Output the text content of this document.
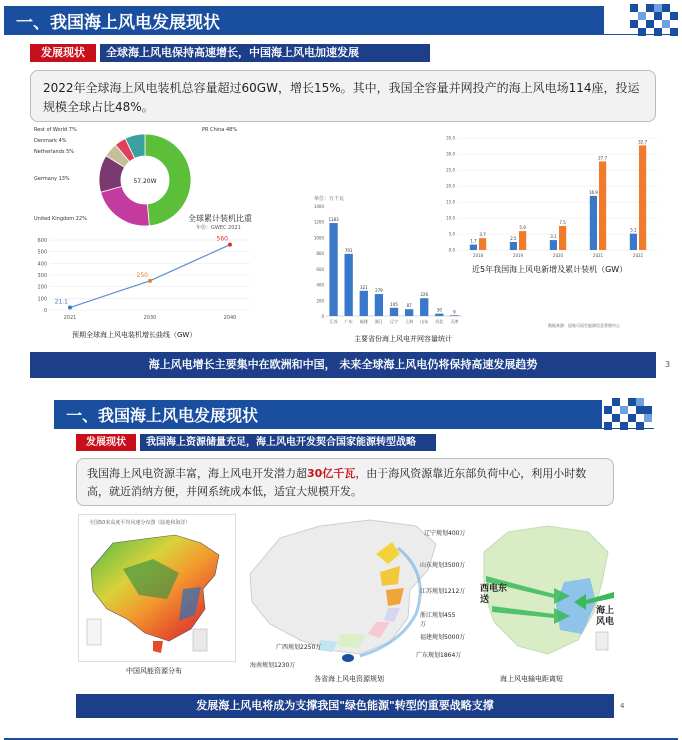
一、我国海上风电发展现状
发展现状	全球海上风电保持高速增长，中国海上风电加速发展
2022年全球海上风电装机总容量超过60GW，增长15%。其中，我国全容量并网投产的海上风电场114座，投运规模全球占比48%。
57.20W
Rest of World 7%
Denmark 4%
Netherlands 5%
Germany 13%
United Kingdom 22%
PR China 48%
全球累计装机比重
年份：GWEC 2021
0
100
200
300
400
500
600
21.1
2021
250
2030
560
2040
预期全球海上风电装机增长曲线（GW）
单位：万千瓦
0
200
400
600
800
1000
1200
1400
1183
江苏
791
广东
321
福建
279
浙江
105
辽宁
87
上海
226
山东
30
河北
9
天津
数据来源：国家可再生能源信息管理中心
主要省份海上风电并网容量统计
0.0
5.0
10.0
15.0
20.0
25.0
30.0
35.0
1.7
3.7
2018
2.5
5.9
2019
3.1
7.5
2020
16.9
27.7
2021
5.1
32.7
2022
近5年我国海上风电新增及累计装机（GW）
海上风电增长主要集中在欧洲和中国， 未来全球海上风电仍将保持高速发展趋势	3
一、我国海上风电发展现状
发展现状	我国海上资源储量充足，海上风电开发契合国家能源转型战略
我国海上风电资源丰富，海上风电开发潜力超30亿千瓦，由于海风资源靠近东部负荷中心，利用小时数高，就近消纳方便，并网系统成本低，适宜大规模开发。
全国50米高度平均风速分布图（陆地和海洋）
中国风能资源分布
辽宁规划400万
山东规划3500万
江苏规划1212万
浙江规划455万
福建规划5000万
广东规划1864万
广西规划2250万
海南规划1230万
各省海上风电资源规划
西电东送
海上风电
海上风电输电距离短
发展海上风电将成为支撑我国"绿色能源"转型的重要战略支撑	4
